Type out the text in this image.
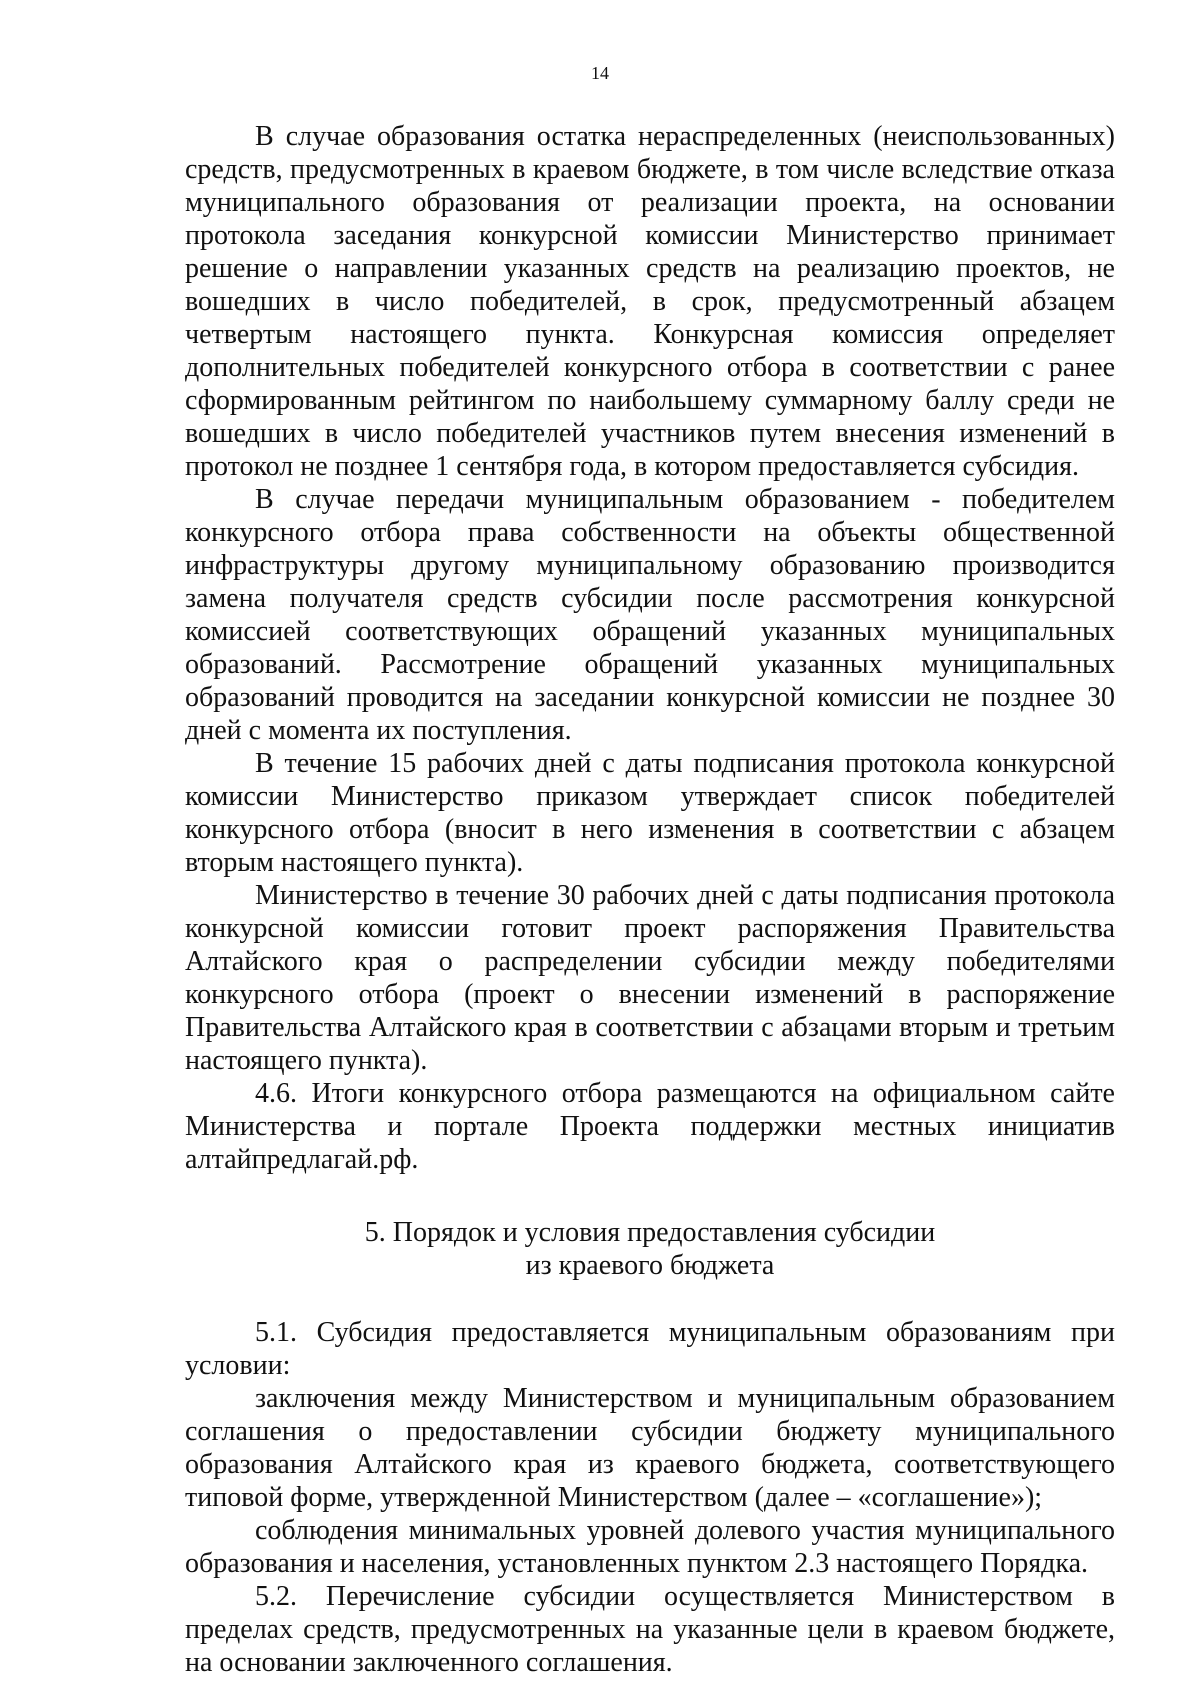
14

В случае образования остатка нераспределенных (неиспользованных) средств, предусмотренных в краевом бюджете, в том числе вследствие отказа муниципального образования от реализации проекта, на основании протокола заседания конкурсной комиссии Министерство принимает решение о направлении указанных средств на реализацию проектов, не вошедших в число победителей, в срок, предусмотренный абзацем четвертым настоящего пункта. Конкурсная комиссия определяет дополнительных победителей конкурсного отбора в соответствии с ранее сформированным рейтингом по наибольшему суммарному баллу среди не вошедших в число победителей участников путем внесения изменений в протокол не позднее 1 сентября года, в котором предоставляется субсидия.

В случае передачи муниципальным образованием - победителем конкурсного отбора права собственности на объекты общественной инфраструктуры другому муниципальному образованию производится замена получателя средств субсидии после рассмотрения конкурсной комиссией соответствующих обращений указанных муниципальных образований. Рассмотрение обращений указанных муниципальных образований проводится на заседании конкурсной комиссии не позднее 30 дней с момента их поступления.

В течение 15 рабочих дней с даты подписания протокола конкурсной комиссии Министерство приказом утверждает список победителей конкурсного отбора (вносит в него изменения в соответствии с абзацем вторым настоящего пункта).

Министерство в течение 30 рабочих дней с даты подписания протокола конкурсной комиссии готовит проект распоряжения Правительства Алтайского края о распределении субсидии между победителями конкурсного отбора (проект о внесении изменений в распоряжение Правительства Алтайского края в соответствии с абзацами вторым и третьим настоящего пункта).

4.6. Итоги конкурсного отбора размещаются на официальном сайте Министерства и портале Проекта поддержки местных инициатив алтайпредлагай.рф.

5. Порядок и условия предоставления субсидии
из краевого бюджета

5.1. Субсидия предоставляется муниципальным образованиям при условии:

заключения между Министерством и муниципальным образованием соглашения о предоставлении субсидии бюджету муниципального образования Алтайского края из краевого бюджета, соответствующего типовой форме, утвержденной Министерством (далее – «соглашение»);

соблюдения минимальных уровней долевого участия муниципального образования и населения, установленных пунктом 2.3 настоящего Порядка.

5.2. Перечисление субсидии осуществляется Министерством в пределах средств, предусмотренных на указанные цели в краевом бюджете, на основании заключенного соглашения.
